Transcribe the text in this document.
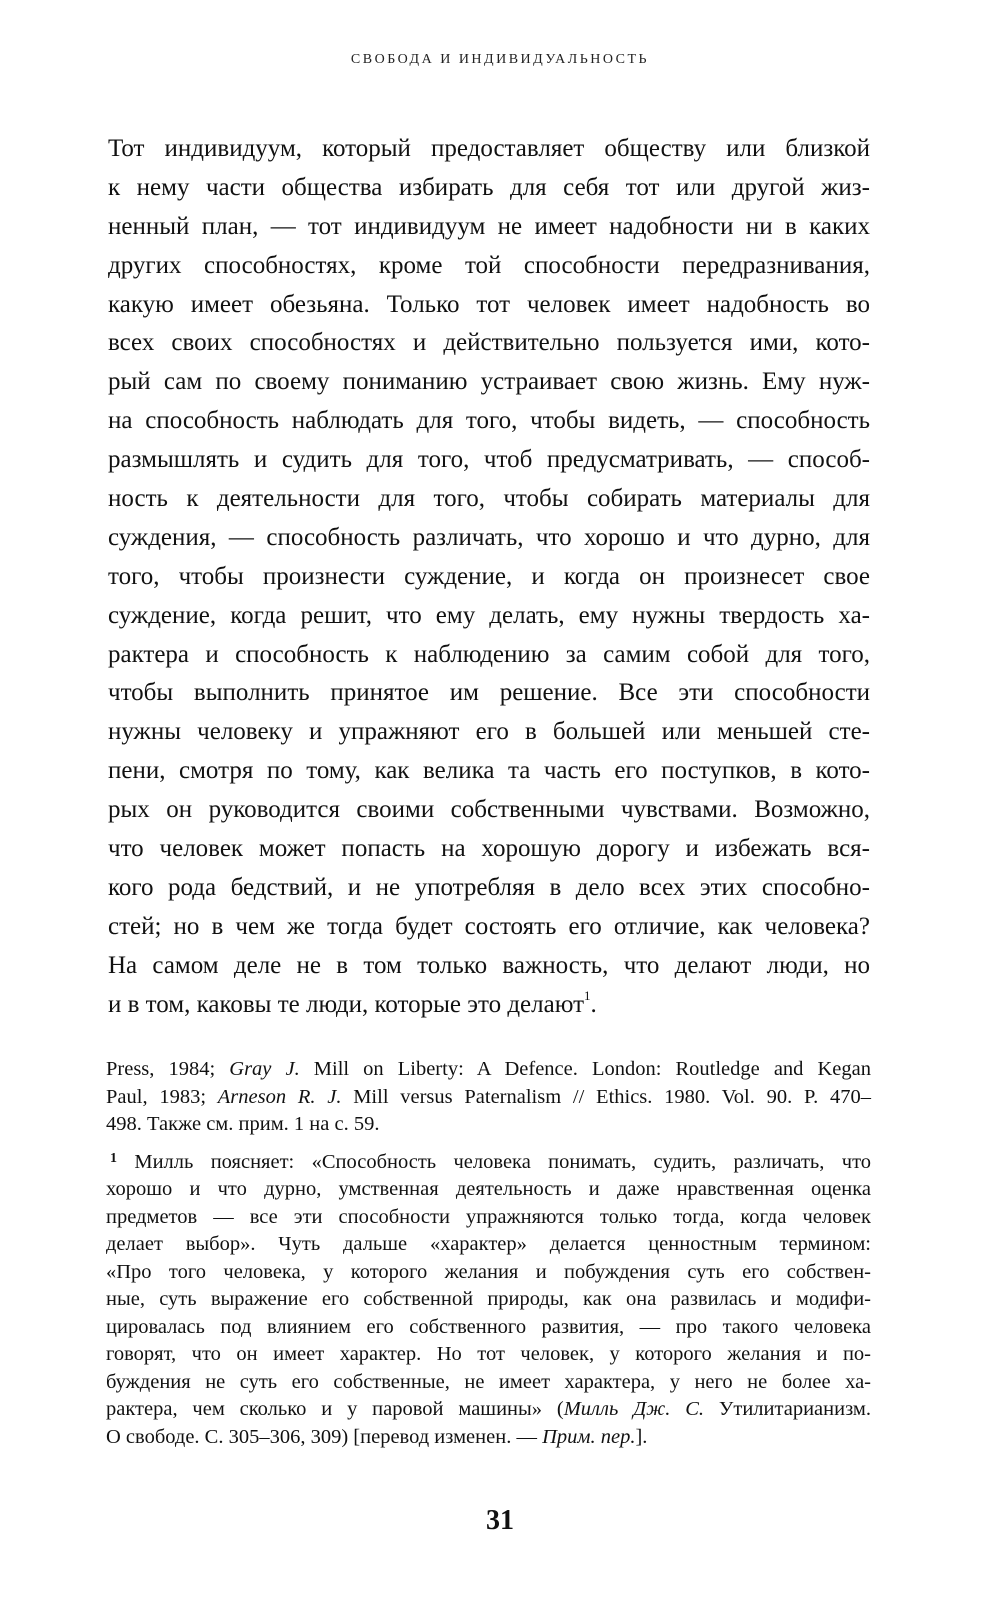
СВОБОДА И ИНДИВИДУАЛЬНОСТЬ
Тот индивидуум, который предоставляет обществу или близкой
к нему части общества избирать для себя тот или другой жиз-
ненный план, — тот индивидуум не имеет надобности ни в каких
других способностях, кроме той способности передразнивания,
какую имеет обезьяна. Только тот человек имеет надобность во
всех своих способностях и действительно пользуется ими, кото-
рый сам по своему пониманию устраивает свою жизнь. Ему нуж-
на способность наблюдать для того, чтобы видеть, — способность
размышлять и судить для того, чтоб предусматривать, — способ-
ность к деятельности для того, чтобы собирать материалы для
суждения, — способность различать, что хорошо и что дурно, для
того, чтобы произнести суждение, и когда он произнесет свое
суждение, когда решит, что ему делать, ему нужны твердость ха-
рактера и способность к наблюдению за самим собой для того,
чтобы выполнить принятое им решение. Все эти способности
нужны человеку и упражняют его в большей или меньшей сте-
пени, смотря по тому, как велика та часть его поступков, в кото-
рых он руководится своими собственными чувствами. Возможно,
что человек может попасть на хорошую дорогу и избежать вся-
кого рода бедствий, и не употребляя в дело всех этих способно-
стей; но в чем же тогда будет состоять его отличие, как человека?
На самом деле не в том только важность, что делают люди, но
и в том, каковы те люди, которые это делают$^1$.
Press, 1984; Gray J. Mill on Liberty: A Defence. London: Routledge and Kegan
Paul, 1983; Arneson R. J. Mill versus Paternalism // Ethics. 1980. Vol. 90. P. 470–
498. Также см. прим. 1 на с. 59.
$^1$ Милль поясняет: «Способность человека понимать, судить, различать, что
хорошо и что дурно, умственная деятельность и даже нравственная оценка
предметов — все эти способности упражняются только тогда, когда человек
делает выбор». Чуть дальше «характер» делается ценностным термином:
«Про того человека, у которого желания и побуждения суть его собствен-
ные, суть выражение его собственной природы, как она развилась и модифи-
цировалась под влиянием его собственного развития, — про такого человека
говорят, что он имеет характер. Но тот человек, у которого желания и по-
буждения не суть его собственные, не имеет характера, у него не более ха-
рактера, чем сколько и у паровой машины» (Милль Дж. С. Утилитарианизм.
О свободе. С. 305–306, 309) [перевод изменен. — Прим. пер.].
31
